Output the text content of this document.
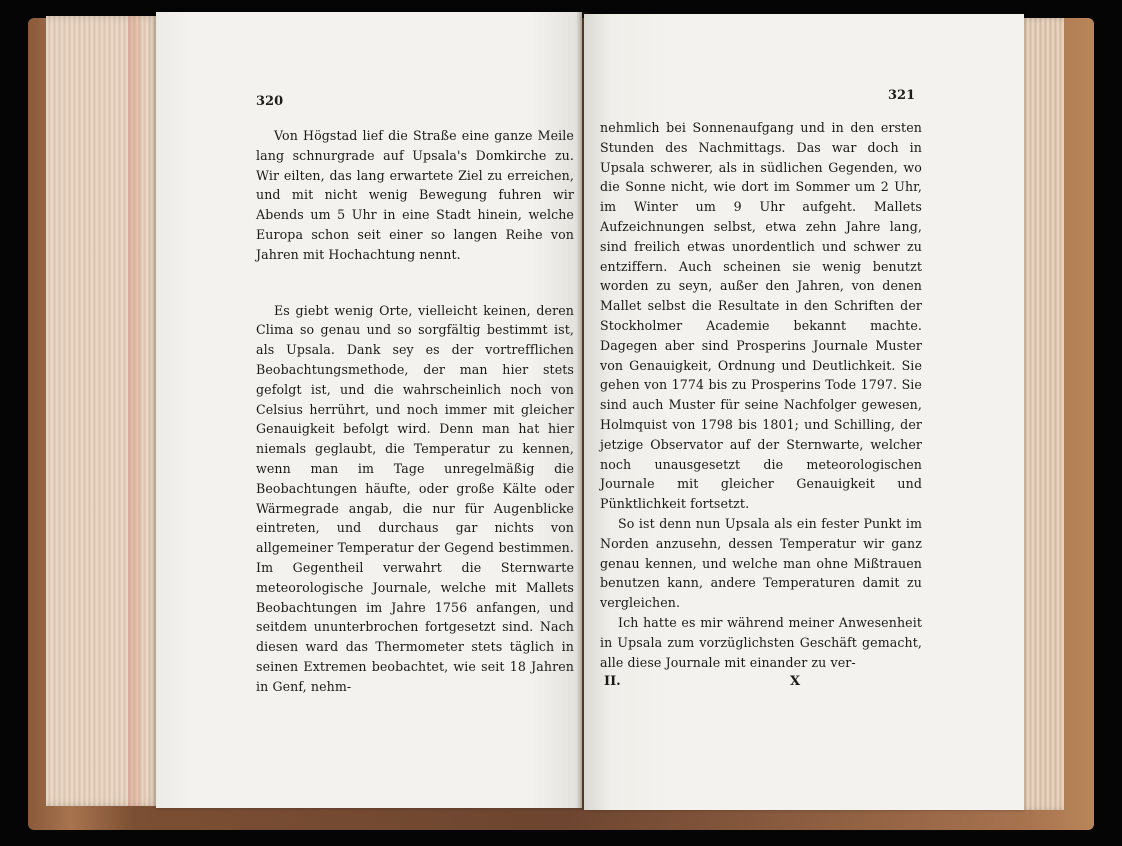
320

Von Högstad lief die Straße eine ganze Meile lang schnurgrade auf Upsala's Domkirche zu. Wir eilten, das lang erwartete Ziel zu erreichen, und mit nicht wenig Bewegung fuhren wir Abends um 5 Uhr in eine Stadt hinein, welche Europa schon seit einer so langen Reihe von Jahren mit Hochachtung nennt.

Es giebt wenig Orte, vielleicht keinen, deren Clima so genau und so sorgfältig bestimmt ist, als Upsala. Dank sey es der vortrefflichen Beobachtungsmethode, der man hier stets gefolgt ist, und die wahrscheinlich noch von Celsius herrührt, und noch immer mit gleicher Genauigkeit befolgt wird. Denn man hat hier niemals geglaubt, die Temperatur zu kennen, wenn man im Tage unregelmäßig die Beobachtungen häufte, oder große Kälte oder Wärmegrade angab, die nur für Augenblicke eintreten, und durchaus gar nichts von allgemeiner Temperatur der Gegend bestimmen. Im Gegentheil verwahrt die Sternwarte meteorologische Journale, welche mit Mallets Beobachtungen im Jahre 1756 anfangen, und seitdem ununterbrochen fortgesetzt sind. Nach diesen ward das Thermometer stets täglich in seinen Extremen beobachtet, wie seit 18 Jahren in Genf, nehm-

321

nehmlich bei Sonnenaufgang und in den ersten Stunden des Nachmittags. Das war doch in Upsala schwerer, als in südlichen Gegenden, wo die Sonne nicht, wie dort im Sommer um 2 Uhr, im Winter um 9 Uhr aufgeht. Mallets Aufzeichnungen selbst, etwa zehn Jahre lang, sind freilich etwas unordentlich und schwer zu entziffern. Auch scheinen sie wenig benutzt worden zu seyn, außer den Jahren, von denen Mallet selbst die Resultate in den Schriften der Stockholmer Academie bekannt machte. Dagegen aber sind Prosperins Journale Muster von Genauigkeit, Ordnung und Deutlichkeit. Sie gehen von 1774 bis zu Prosperins Tode 1797. Sie sind auch Muster für seine Nachfolger gewesen, Holmquist von 1798 bis 1801; und Schilling, der jetzige Observator auf der Sternwarte, welcher noch unausgesetzt die meteorologischen Journale mit gleicher Genauigkeit und Pünktlichkeit fortsetzt.

So ist denn nun Upsala als ein fester Punkt im Norden anzusehn, dessen Temperatur wir ganz genau kennen, und welche man ohne Mißtrauen benutzen kann, andere Temperaturen damit zu vergleichen.

Ich hatte es mir während meiner Anwesenheit in Upsala zum vorzüglichsten Geschäft gemacht, alle diese Journale mit einander zu ver-

II.	X
